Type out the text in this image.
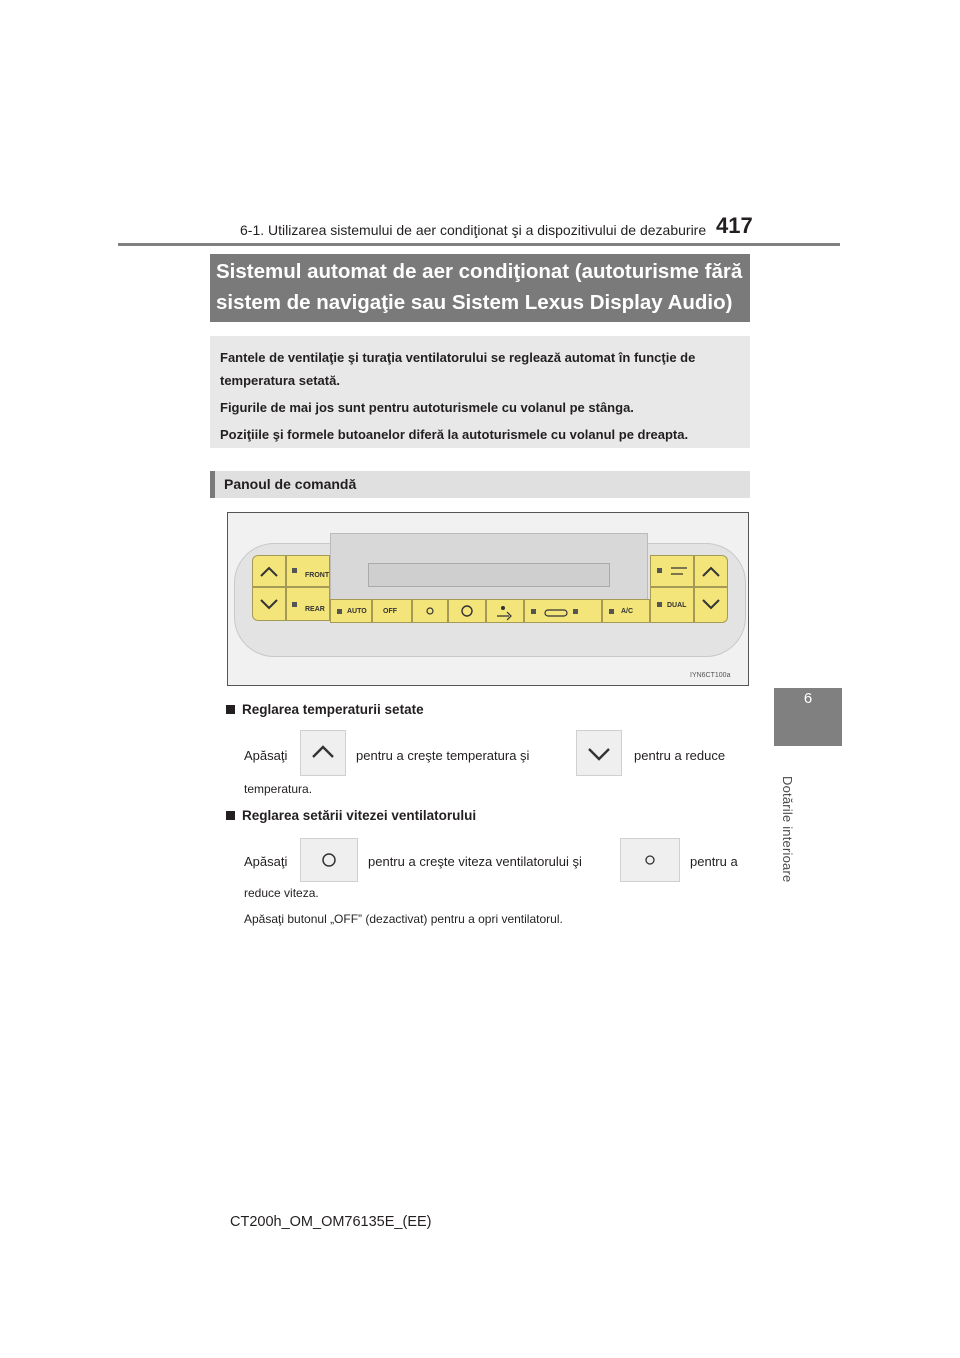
6-1. Utilizarea sistemului de aer condiţionat şi a dispozitivului de dezaburire 417
6
Dotările interioare
Sistemul automat de aer condiţionat (autoturisme fără
sistem de navigaţie sau Sistem Lexus Display Audio)
Fantele de ventilaţie şi turaţia ventilatorului se reglează automat în funcţie de
temperatura setată.
Figurile de mai jos sunt pentru autoturismele cu volanul pe stânga.
Poziţiile şi formele butoanelor diferă la autoturismele cu volanul pe dreapta.
Panoul de comandă
FRONT
REAR	AUTO OFF	A/C
DUAL
IYN6CT100a
Reglarea temperaturii setate
Apăsaţi	pentru a creşte temperatura şi	pentru a reduce
temperatura.
Reglarea setării vitezei ventilatorului
Apăsaţi	pentru a creşte viteza ventilatorului şi	pentru a
reduce viteza.
Apăsaţi butonul „OFF” (dezactivat) pentru a opri ventilatorul.
CT200h_OM_OM76135E_(EE)
